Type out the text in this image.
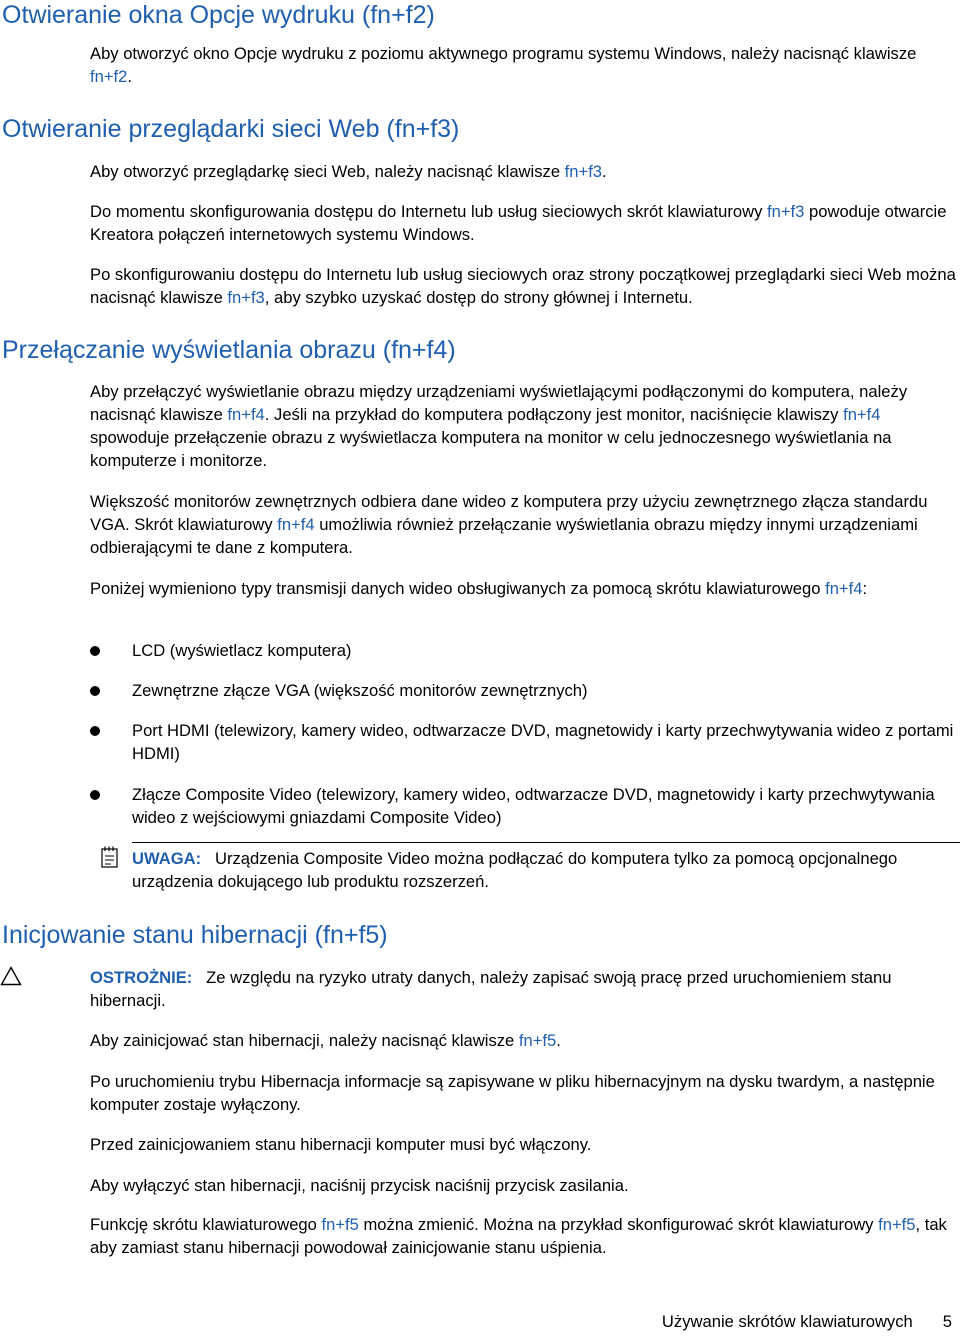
Otwieranie okna Opcje wydruku (fn+f2)

Aby otworzyć okno Opcje wydruku z poziomu aktywnego programu systemu Windows, należy nacisnąć klawisze fn+f2.

Otwieranie przeglądarki sieci Web (fn+f3)

Aby otworzyć przeglądarkę sieci Web, należy nacisnąć klawisze fn+f3.

Do momentu skonfigurowania dostępu do Internetu lub usług sieciowych skrót klawiaturowy fn+f3 powoduje otwarcie Kreatora połączeń internetowych systemu Windows.

Po skonfigurowaniu dostępu do Internetu lub usług sieciowych oraz strony początkowej przeglądarki sieci Web można nacisnąć klawisze fn+f3, aby szybko uzyskać dostęp do strony głównej i Internetu.

Przełączanie wyświetlania obrazu (fn+f4)

Aby przełączyć wyświetlanie obrazu między urządzeniami wyświetlającymi podłączonymi do komputera, należy nacisnąć klawisze fn+f4. Jeśli na przykład do komputera podłączony jest monitor, naciśnięcie klawiszy fn+f4 spowoduje przełączenie obrazu z wyświetlacza komputera na monitor w celu jednoczesnego wyświetlania na komputerze i monitorze.

Większość monitorów zewnętrznych odbiera dane wideo z komputera przy użyciu zewnętrznego złącza standardu VGA. Skrót klawiaturowy fn+f4 umożliwia również przełączanie wyświetlania obrazu między innymi urządzeniami odbierającymi te dane z komputera.

Poniżej wymieniono typy transmisji danych wideo obsługiwanych za pomocą skrótu klawiaturowego fn+f4:

LCD (wyświetlacz komputera)

Zewnętrzne złącze VGA (większość monitorów zewnętrznych)

Port HDMI (telewizory, kamery wideo, odtwarzacze DVD, magnetowidy i karty przechwytywania wideo z portami HDMI)

Złącze Composite Video (telewizory, kamery wideo, odtwarzacze DVD, magnetowidy i karty przechwytywania wideo z wejściowymi gniazdami Composite Video)

UWAGA: Urządzenia Composite Video można podłączać do komputera tylko za pomocą opcjonalnego urządzenia dokującego lub produktu rozszerzeń.

Inicjowanie stanu hibernacji (fn+f5)

OSTROŻNIE: Ze względu na ryzyko utraty danych, należy zapisać swoją pracę przed uruchomieniem stanu hibernacji.

Aby zainicjować stan hibernacji, należy nacisnąć klawisze fn+f5.

Po uruchomieniu trybu Hibernacja informacje są zapisywane w pliku hibernacyjnym na dysku twardym, a następnie komputer zostaje wyłączony.

Przed zainicjowaniem stanu hibernacji komputer musi być włączony.

Aby wyłączyć stan hibernacji, naciśnij przycisk naciśnij przycisk zasilania.

Funkcję skrótu klawiaturowego fn+f5 można zmienić. Można na przykład skonfigurować skrót klawiaturowy fn+f5, tak aby zamiast stanu hibernacji powodował zainicjowanie stanu uśpienia.

Używanie skrótów klawiaturowych 5
